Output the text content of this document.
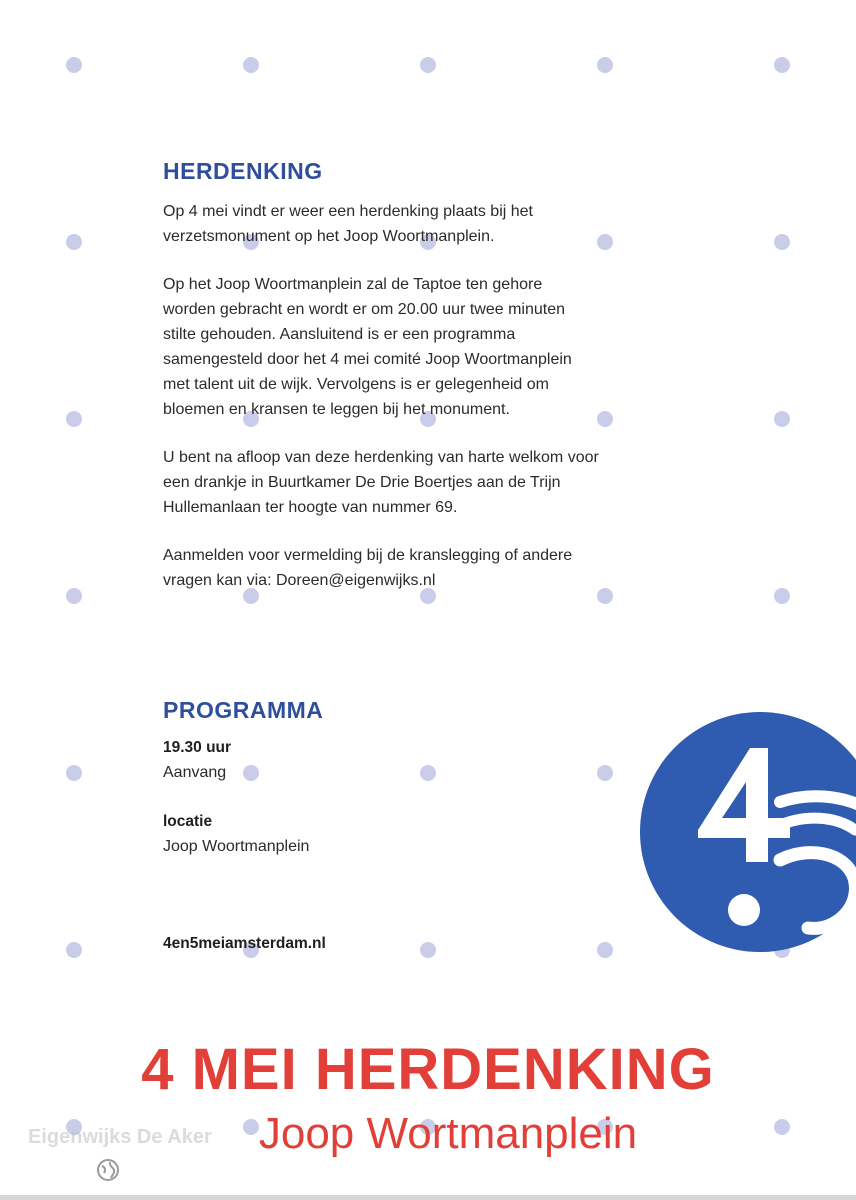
HERDENKING

Op 4 mei vindt er weer een herdenking plaats bij het
verzetsmonument op het Joop Woortmanplein.

Op het Joop Woortmanplein zal de Taptoe ten gehore
worden gebracht en wordt er om 20.00 uur twee minuten
stilte gehouden. Aansluitend is er een programma
samengesteld door het 4 mei comité Joop Woortmanplein
met talent uit de wijk. Vervolgens is er gelegenheid om
bloemen en kransen te leggen bij het monument.

U bent na afloop van deze herdenking van harte welkom voor
een drankje in Buurtkamer De Drie Boertjes aan de Trijn
Hullemanlaan ter hoogte van nummer 69.

Aanmelden voor vermelding bij de kranslegging of andere
vragen kan via: Doreen@eigenwijks.nl

PROGRAMMA
19.30 uur
Aanvang
locatie
Joop Woortmanplein
4en5meiamsterdam.nl
4 MEI HERDENKING
Joop Wortmanplein
Eigenwijks De Aker
